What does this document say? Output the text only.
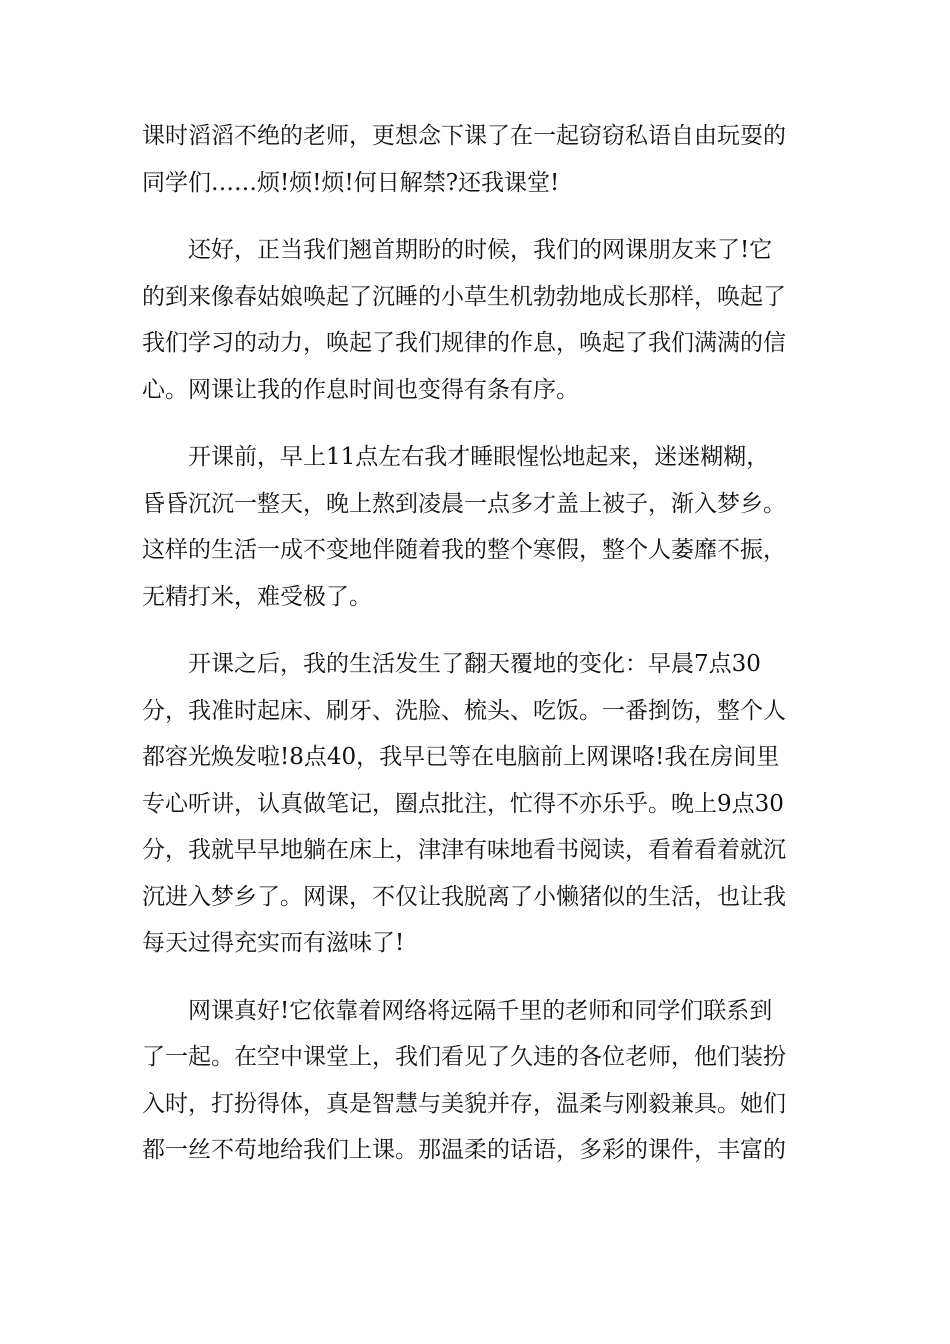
课时滔滔不绝的老师，更想念下课了在一起窃窃私语自由玩耍的
同学们……烦!烦!烦!何日解禁?还我课堂!
　　还好，正当我们翘首期盼的时候，我们的网课朋友来了!它
的到来像春姑娘唤起了沉睡的小草生机勃勃地成长那样，唤起了
我们学习的动力，唤起了我们规律的作息，唤起了我们满满的信
心。网课让我的作息时间也变得有条有序。
　　开课前，早上11点左右我才睡眼惺忪地起来，迷迷糊糊，
昏昏沉沉一整天，晚上熬到凌晨一点多才盖上被子，渐入梦乡。
这样的生活一成不变地伴随着我的整个寒假，整个人萎靡不振，
无精打米，难受极了。
　　开课之后，我的生活发生了翻天覆地的变化：早晨7点30
分，我准时起床、刷牙、洗脸、梳头、吃饭。一番捯饬，整个人
都容光焕发啦!8点40，我早已等在电脑前上网课咯!我在房间里
专心听讲，认真做笔记，圈点批注，忙得不亦乐乎。晚上9点30
分，我就早早地躺在床上，津津有味地看书阅读，看着看着就沉
沉进入梦乡了。网课，不仅让我脱离了小懒猪似的生活，也让我
每天过得充实而有滋味了!
　　网课真好!它依靠着网络将远隔千里的老师和同学们联系到
了一起。在空中课堂上，我们看见了久违的各位老师，他们装扮
入时，打扮得体，真是智慧与美貌并存，温柔与刚毅兼具。她们
都一丝不苟地给我们上课。那温柔的话语，多彩的课件，丰富的
